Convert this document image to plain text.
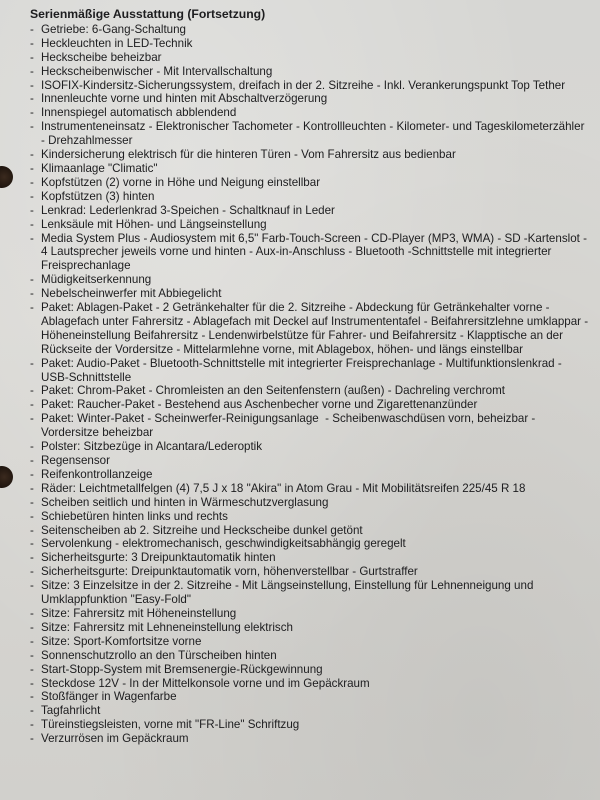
Serienmäßige Ausstattung (Fortsetzung)
- Getriebe: 6-Gang-Schaltung
- Heckleuchten in LED-Technik
- Heckscheibe beheizbar
- Heckscheibenwischer - Mit Intervallschaltung
- ISOFIX-Kindersitz-Sicherungssystem, dreifach in der 2. Sitzreihe - Inkl. Verankerungspunkt Top Tether
- Innenleuchte vorne und hinten mit Abschaltverzögerung
- Innenspiegel automatisch abblendend
- Instrumenteneinsatz - Elektronischer Tachometer - Kontrollleuchten - Kilometer- und Tageskilometerzähler - Drehzahlmesser
- Kindersicherung elektrisch für die hinteren Türen - Vom Fahrersitz aus bedienbar
- Klimaanlage "Climatic"
- Kopfstützen (2) vorne in Höhe und Neigung einstellbar
- Kopfstützen (3) hinten
- Lenkrad: Lederlenkrad 3-Speichen - Schaltknauf in Leder
- Lenksäule mit Höhen- und Längseinstellung
- Media System Plus - Audiosystem mit 6,5" Farb-Touch-Screen - CD-Player (MP3, WMA) - SD -Kartenslot - 4 Lautsprecher jeweils vorne und hinten - Aux-in-Anschluss - Bluetooth -Schnittstelle mit integrierter Freisprechanlage
- Müdigkeitserkennung
- Nebelscheinwerfer mit Abbiegelicht
- Paket: Ablagen-Paket - 2 Getränkehalter für die 2. Sitzreihe - Abdeckung für Getränkehalter vorne - Ablagefach unter Fahrersitz - Ablagefach mit Deckel auf Instrumententafel - Beifahrersitzlehne umklappar - Höheneinstellung Beifahrersitz - Lendenwirbelstütze für Fahrer- und Beifahrersitz - Klapptische an der Rückseite der Vordersitze - Mittelarmlehne vorne, mit Ablagebox, höhen- und längs einstellbar
- Paket: Audio-Paket - Bluetooth-Schnittstelle mit integrierter Freisprechanlage - Multifunktionslenkrad - USB-Schnittstelle
- Paket: Chrom-Paket - Chromleisten an den Seitenfenstern (außen) - Dachreling verchromt
- Paket: Raucher-Paket - Bestehend aus Aschenbecher vorne und Zigarettenanzünder
- Paket: Winter-Paket - Scheinwerfer-Reinigungsanlage  - Scheibenwaschdüsen vorn, beheizbar - Vordersitze beheizbar
- Polster: Sitzbezüge in Alcantara/Lederoptik
- Regensensor
- Reifenkontrollanzeige
- Räder: Leichtmetallfelgen (4) 7,5 J x 18 "Akira" in Atom Grau - Mit Mobilitätsreifen 225/45 R 18
- Scheiben seitlich und hinten in Wärmeschutzverglasung
- Schiebetüren hinten links und rechts
- Seitenscheiben ab 2. Sitzreihe und Heckscheibe dunkel getönt
- Servolenkung - elektromechanisch, geschwindigkeitsabhängig geregelt
- Sicherheitsgurte: 3 Dreipunktautomatik hinten
- Sicherheitsgurte: Dreipunktautomatik vorn, höhenverstellbar - Gurtstraffer
- Sitze: 3 Einzelsitze in der 2. Sitzreihe - Mit Längseinstellung, Einstellung für Lehnenneigung und Umklappfunktion "Easy-Fold"
- Sitze: Fahrersitz mit Höheneinstellung
- Sitze: Fahrersitz mit Lehneneinstellung elektrisch
- Sitze: Sport-Komfortsitze vorne
- Sonnenschutzrollo an den Türscheiben hinten
- Start-Stopp-System mit Bremsenergie-Rückgewinnung
- Steckdose 12V - In der Mittelkonsole vorne und im Gepäckraum
- Stoßfänger in Wagenfarbe
- Tagfahrlicht
- Türeinstiegsleisten, vorne mit "FR-Line" Schriftzug
- Verzurrösen im Gepäckraum
